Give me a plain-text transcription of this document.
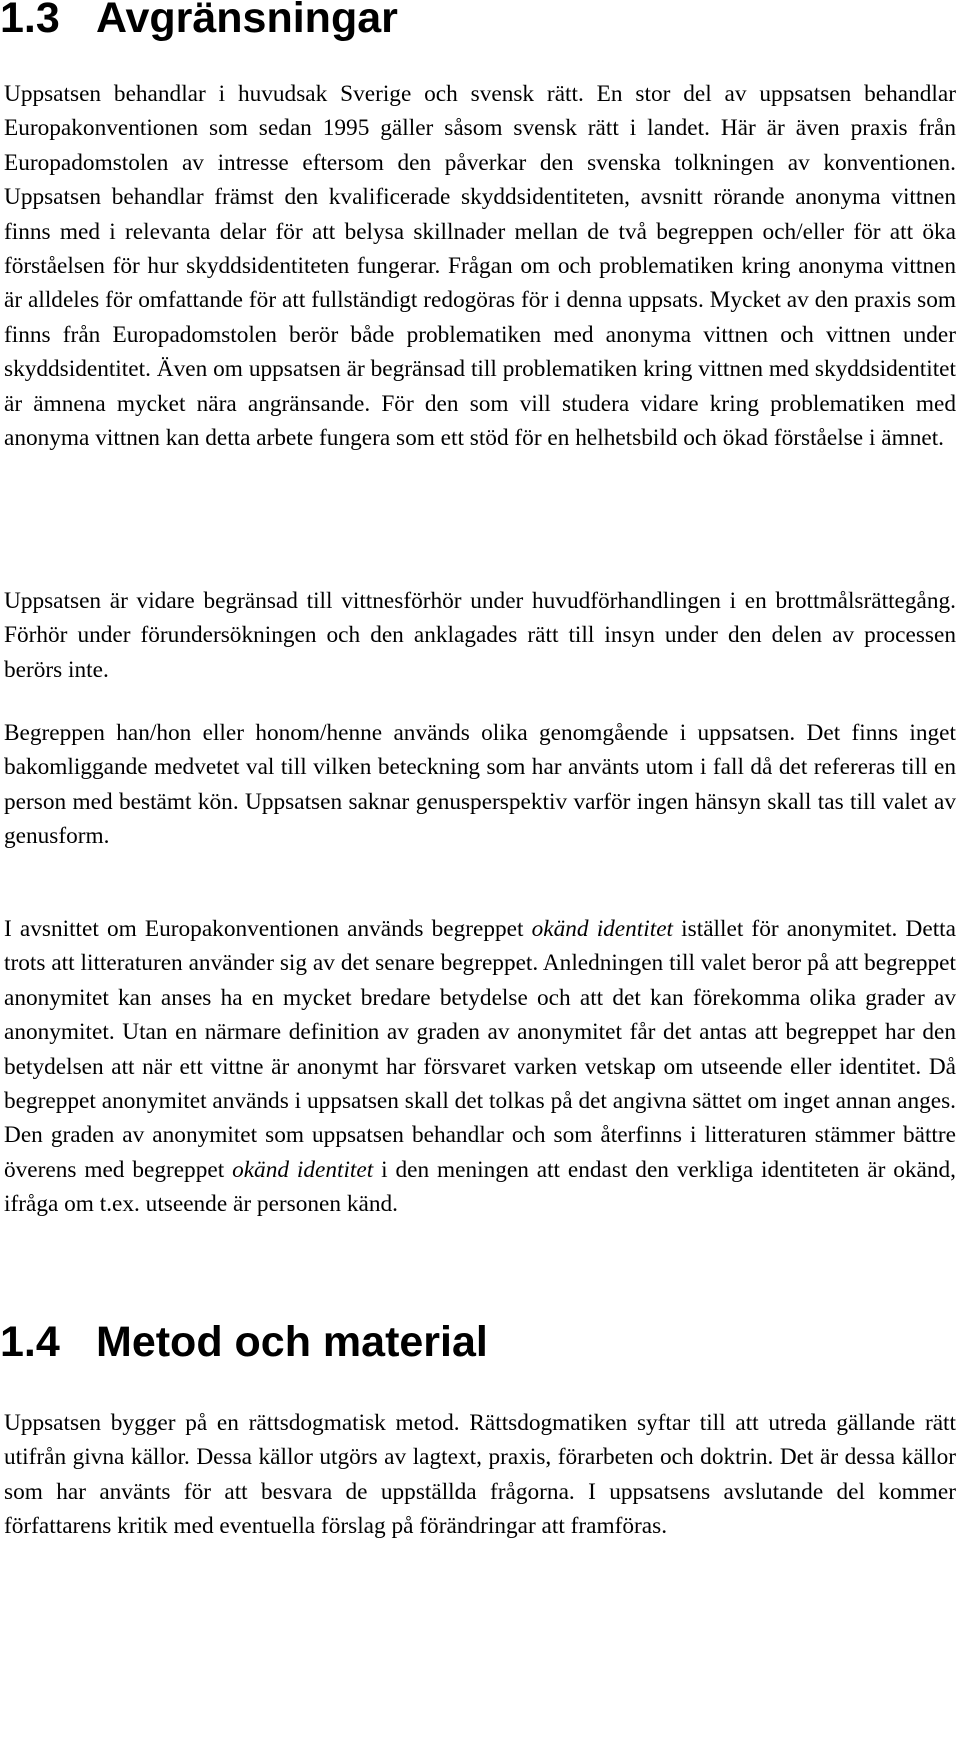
1.3 Avgränsningar

Uppsatsen behandlar i huvudsak Sverige och svensk rätt. En stor del av uppsatsen behandlar Europakonventionen som sedan 1995 gäller såsom svensk rätt i landet. Här är även praxis från Europadomstolen av intresse eftersom den påverkar den svenska tolkningen av konventionen. Uppsatsen behandlar främst den kvalificerade skyddsidentiteten, avsnitt rörande anonyma vittnen finns med i relevanta delar för att belysa skillnader mellan de två begreppen och/eller för att öka förståelsen för hur skyddsidentiteten fungerar. Frågan om och problematiken kring anonyma vittnen är alldeles för omfattande för att fullständigt redogöras för i denna uppsats. Mycket av den praxis som finns från Europadomstolen berör både problematiken med anonyma vittnen och vittnen under skyddsidentitet. Även om uppsatsen är begränsad till problematiken kring vittnen med skyddsidentitet är ämnena mycket nära angränsande. För den som vill studera vidare kring problematiken med anonyma vittnen kan detta arbete fungera som ett stöd för en helhetsbild och ökad förståelse i ämnet.

Uppsatsen är vidare begränsad till vittnesförhör under huvudförhandlingen i en brottmålsrättegång. Förhör under förundersökningen och den anklagades rätt till insyn under den delen av processen berörs inte.

Begreppen han/hon eller honom/henne används olika genomgående i uppsatsen. Det finns inget bakomliggande medvetet val till vilken beteckning som har använts utom i fall då det refereras till en person med bestämt kön. Uppsatsen saknar genusperspektiv varför ingen hänsyn skall tas till valet av genusform.

I avsnittet om Europakonventionen används begreppet okänd identitet istället för anonymitet. Detta trots att litteraturen använder sig av det senare begreppet. Anledningen till valet beror på att begreppet anonymitet kan anses ha en mycket bredare betydelse och att det kan förekomma olika grader av anonymitet. Utan en närmare definition av graden av anonymitet får det antas att begreppet har den betydelsen att när ett vittne är anonymt har försvaret varken vetskap om utseende eller identitet. Då begreppet anonymitet används i uppsatsen skall det tolkas på det angivna sättet om inget annan anges. Den graden av anonymitet som uppsatsen behandlar och som återfinns i litteraturen stämmer bättre överens med begreppet okänd identitet i den meningen att endast den verkliga identiteten är okänd, ifråga om t.ex. utseende är personen känd.

1.4 Metod och material

Uppsatsen bygger på en rättsdogmatisk metod. Rättsdogmatiken syftar till att utreda gällande rätt utifrån givna källor. Dessa källor utgörs av lagtext, praxis, förarbeten och doktrin. Det är dessa källor som har använts för att besvara de uppställda frågorna. I uppsatsens avslutande del kommer författarens kritik med eventuella förslag på förändringar att framföras.
